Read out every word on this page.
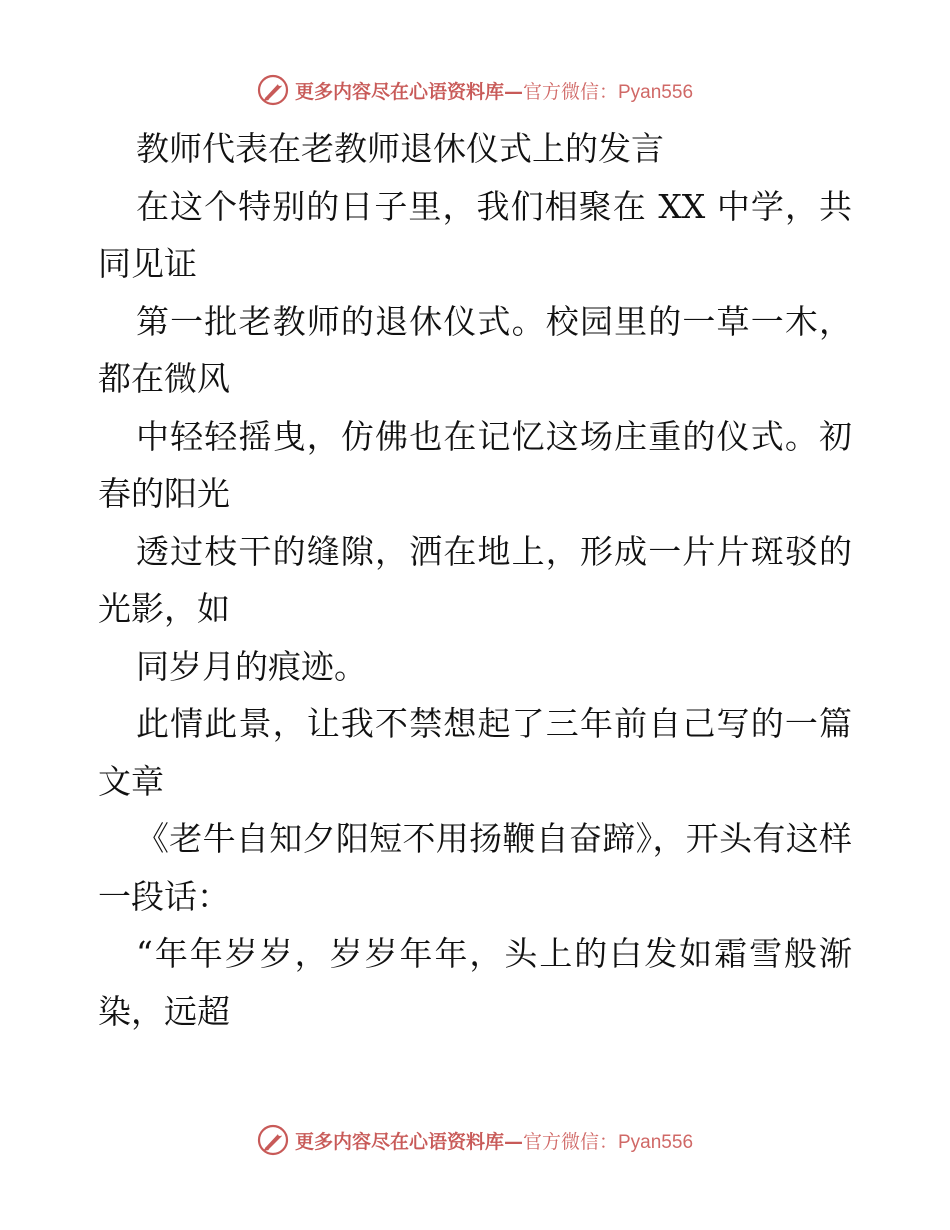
更多内容尽在心语资料库—官方微信：Pyan556
教师代表在老教师退休仪式上的发言

在这个特别的日子里，我们相聚在 XX 中学，共同见证

第一批老教师的退休仪式。校园里的一草一木，都在微风

中轻轻摇曳，仿佛也在记忆这场庄重的仪式。初春的阳光

透过枝干的缝隙，洒在地上，形成一片片斑驳的光影，如

同岁月的痕迹。

此情此景，让我不禁想起了三年前自己写的一篇文章

《老牛自知夕阳短不用扬鞭自奋蹄》，开头有这样一段话：

“年年岁岁，岁岁年年，头上的白发如霜雪般渐染，远超

更多内容尽在心语资料库—官方微信：Pyan556
